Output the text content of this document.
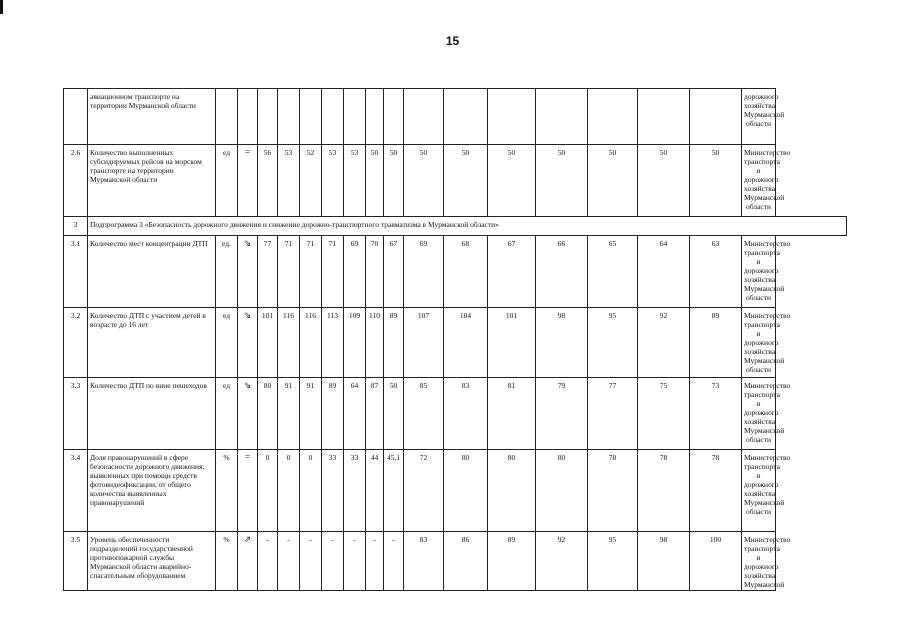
15
	авиационном транспорте на территории Мурманской области																	дорожного хозяйства Мурманской области
2.6	Количество выполненных субсидируемых рейсов на морском транспорте на территории Мурманской области	ед	=	56	53	52	53	53	50	50	50	50	50	50	50	50	50	Министерство транспорта и дорожного хозяйства Мурманской области
3	Подпрограмма 3 «Безопасность дорожного движения и снижение дорожно-транспортного травматизма в Мурманской области»																	
3.1	Количество мест концентрации ДТП	ед.	⇘	77	71	71	71	69	70	67	69	68	67	66	65	64	63	Министерство транспорта и дорожного хозяйства Мурманской области
3.2	Количество ДТП с участием детей в возрасте до 16 лет	ед	⇘	101	116	116	113	109	110	89	107	104	101	98	95	92	89	Министерство транспорта и дорожного хозяйства Мурманской области
3.3	Количество ДТП по вине пешеходов	ед	⇘	80	91	91	89	64	87	50	85	83	81	79	77	75	73	Министерство транспорта и дорожного хозяйства Мурманской области
3.4	Доля правонарушений в сфере безопасности дорожного движения, выявленных при помощи средств фотовидеофиксации, от общего количества выявленных правонарушений	%	=	0	0	0	33	33	44	45,1	72	80	80	80	78	78	78	Министерство транспорта и дорожного хозяйства Мурманской области
3.5	Уровень обеспеченности подразделений государственной противопожарной службы Мурманской области аварийно-спасательным оборудованием	%	⇗	-	-	-	-	-	-	-	83	86	89	92	95	98	100	Министерство транспорта и дорожного хозяйства Мурманской
